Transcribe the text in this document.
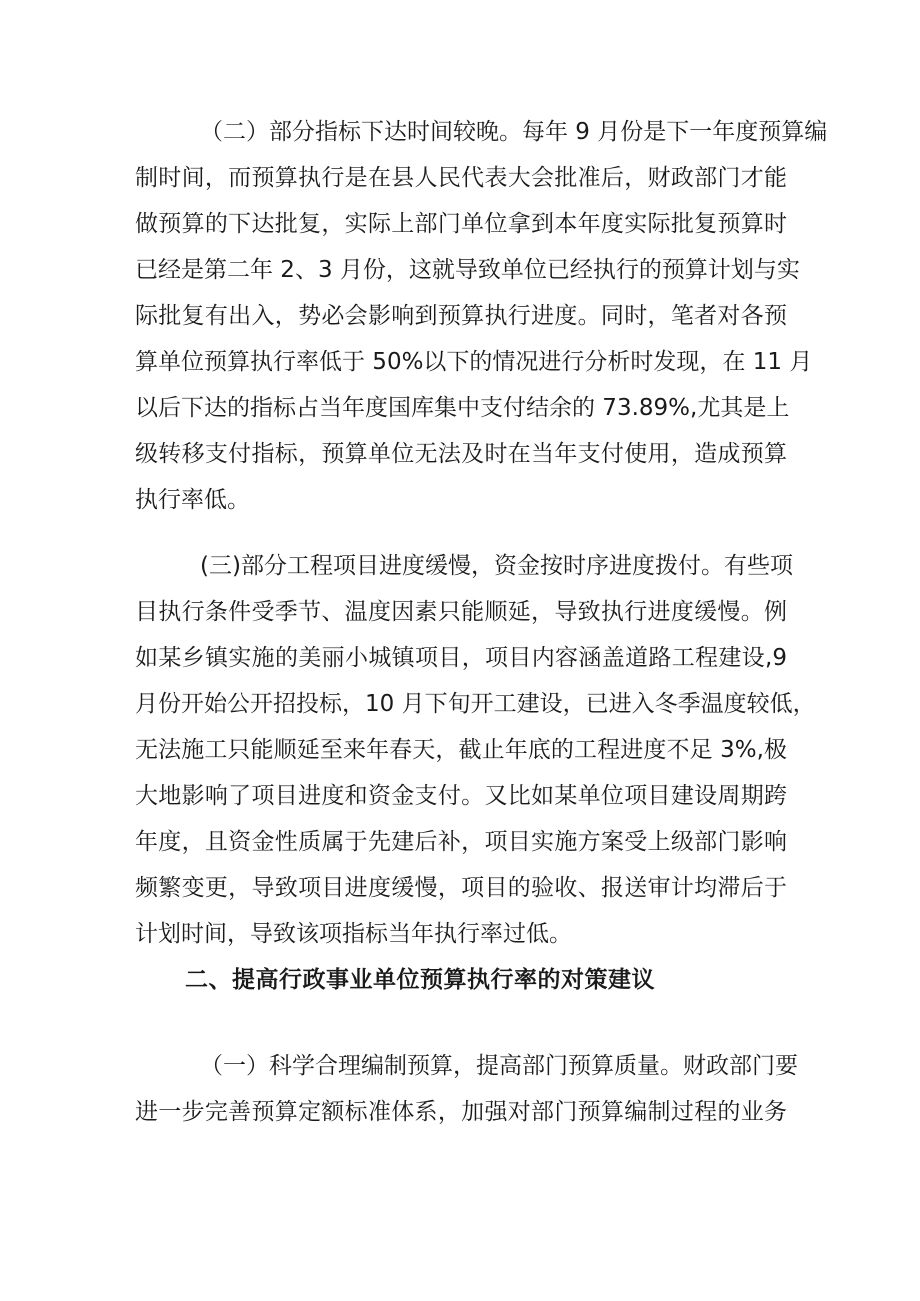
（二）部分指标下达时间较晚。每年 9 月份是下一年度预算编
制时间，而预算执行是在县人民代表大会批准后，财政部门才能
做预算的下达批复，实际上部门单位拿到本年度实际批复预算时
已经是第二年 2、3 月份，这就导致单位已经执行的预算计划与实
际批复有出入，势必会影响到预算执行进度。同时，笔者对各预
算单位预算执行率低于 50%以下的情况进行分析时发现，在 11 月
以后下达的指标占当年度国库集中支付结余的 73.89%,尤其是上
级转移支付指标，预算单位无法及时在当年支付使用，造成预算
执行率低。
(三)部分工程项目进度缓慢，资金按时序进度拨付。有些项
目执行条件受季节、温度因素只能顺延，导致执行进度缓慢。例
如某乡镇实施的美丽小城镇项目，项目内容涵盖道路工程建设,9
月份开始公开招投标，10 月下旬开工建设，已进入冬季温度较低，
无法施工只能顺延至来年春天，截止年底的工程进度不足 3%,极
大地影响了项目进度和资金支付。又比如某单位项目建设周期跨
年度，且资金性质属于先建后补，项目实施方案受上级部门影响
频繁变更，导致项目进度缓慢，项目的验收、报送审计均滞后于
计划时间，导致该项指标当年执行率过低。
二、提高行政事业单位预算执行率的对策建议
（一）科学合理编制预算，提高部门预算质量。财政部门要
进一步完善预算定额标准体系，加强对部门预算编制过程的业务
